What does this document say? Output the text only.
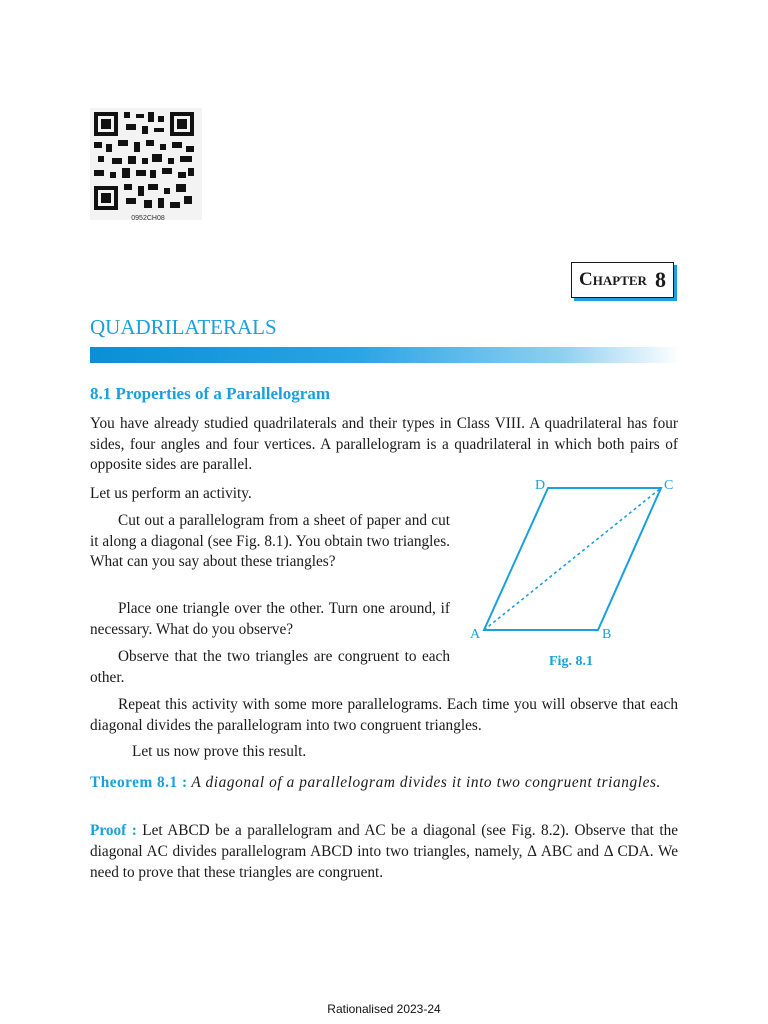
0952CH08
Chapter 8
QUADRILATERALS
8.1 Properties of a Parallelogram

You have already studied quadrilaterals and their types in Class VIII. A quadrilateral has four sides, four angles and four vertices. A parallelogram is a quadrilateral in which both pairs of opposite sides are parallel.

Let us perform an activity.

Cut out a parallelogram from a sheet of paper and cut it along a diagonal (see Fig. 8.1). You obtain two triangles. What can you say about these triangles?

Place one triangle over the other. Turn one around, if necessary. What do you observe?

Observe that the two triangles are congruent to each other.

Repeat this activity with some more parallelograms. Each time you will observe that each diagonal divides the parallelogram into two congruent triangles.

Let us now prove this result.

A	B
C
D
Fig. 8.1

Theorem 8.1 : A diagonal of a parallelogram divides it into two congruent triangles.

Proof : Let ABCD be a parallelogram and AC be a diagonal (see Fig. 8.2). Observe that the diagonal AC divides parallelogram ABCD into two triangles, namely, Δ ABC and Δ CDA. We need to prove that these triangles are congruent.

Rationalised 2023-24
